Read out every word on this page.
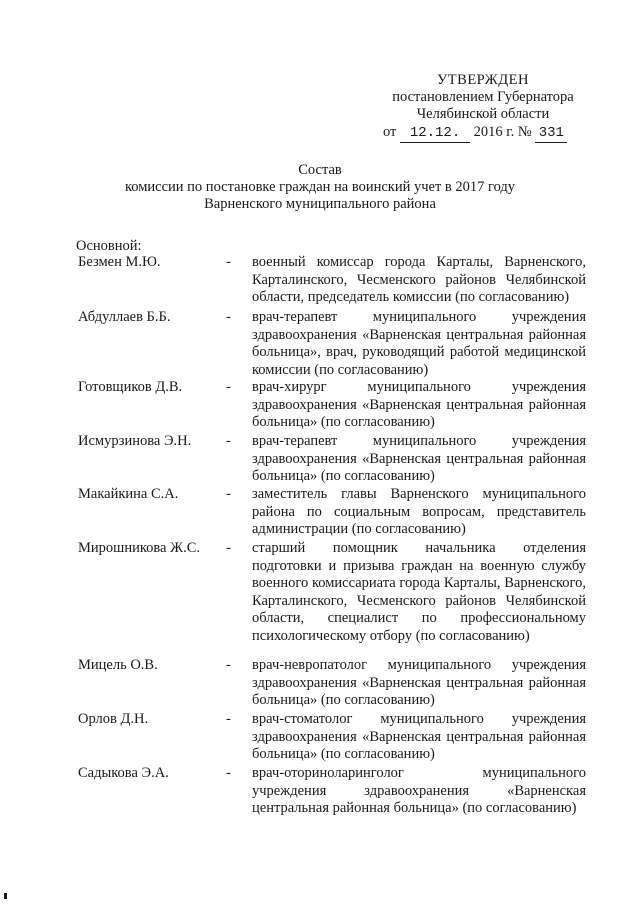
УТВЕРЖДЕН
постановлением Губернатора
Челябинской области
от 12.12. 2016 г. № 331
Состав
комиссии по постановке граждан на воинский учет в 2017 году
Варненского муниципального района
Основной:
Безмен М.Ю.	- военный комиссар города Карталы, Варненского, Карталинского, Чесменского районов Челябинской области, председатель комиссии (по согласованию)
Абдуллаев Б.Б.	- врач-терапевт муниципального учреждения здравоохранения «Варненская центральная районная больница», врач, руководящий работой медицинской комиссии (по согласованию)
Готовщиков Д.В.	- врач-хирург муниципального учреждения здравоохранения «Варненская центральная районная больница» (по согласованию)
Исмурзинова Э.Н.	- врач-терапевт муниципального учреждения здравоохранения «Варненская центральная районная больница» (по согласованию)
Макайкина С.А.	- заместитель главы Варненского муниципального района по социальным вопросам, представитель администрации (по согласованию)
Мирошникова Ж.С.	- старший помощник начальника отделения подготовки и призыва граждан на военную службу военного комиссариата города Карталы, Варненского, Карталинского, Чесменского районов Челябинской области, специалист по профессиональному психологическому отбору (по согласованию)
Мицель О.В.	- врач-невропатолог муниципального учреждения здравоохранения «Варненская центральная районная больница» (по согласованию)
Орлов Д.Н.	- врач-стоматолог муниципального учреждения здравоохранения «Варненская центральная районная больница» (по согласованию)
Садыкова Э.А.	- врач-оториноларинголог муниципального учреждения здравоохранения «Варненская центральная районная больница» (по согласованию)
